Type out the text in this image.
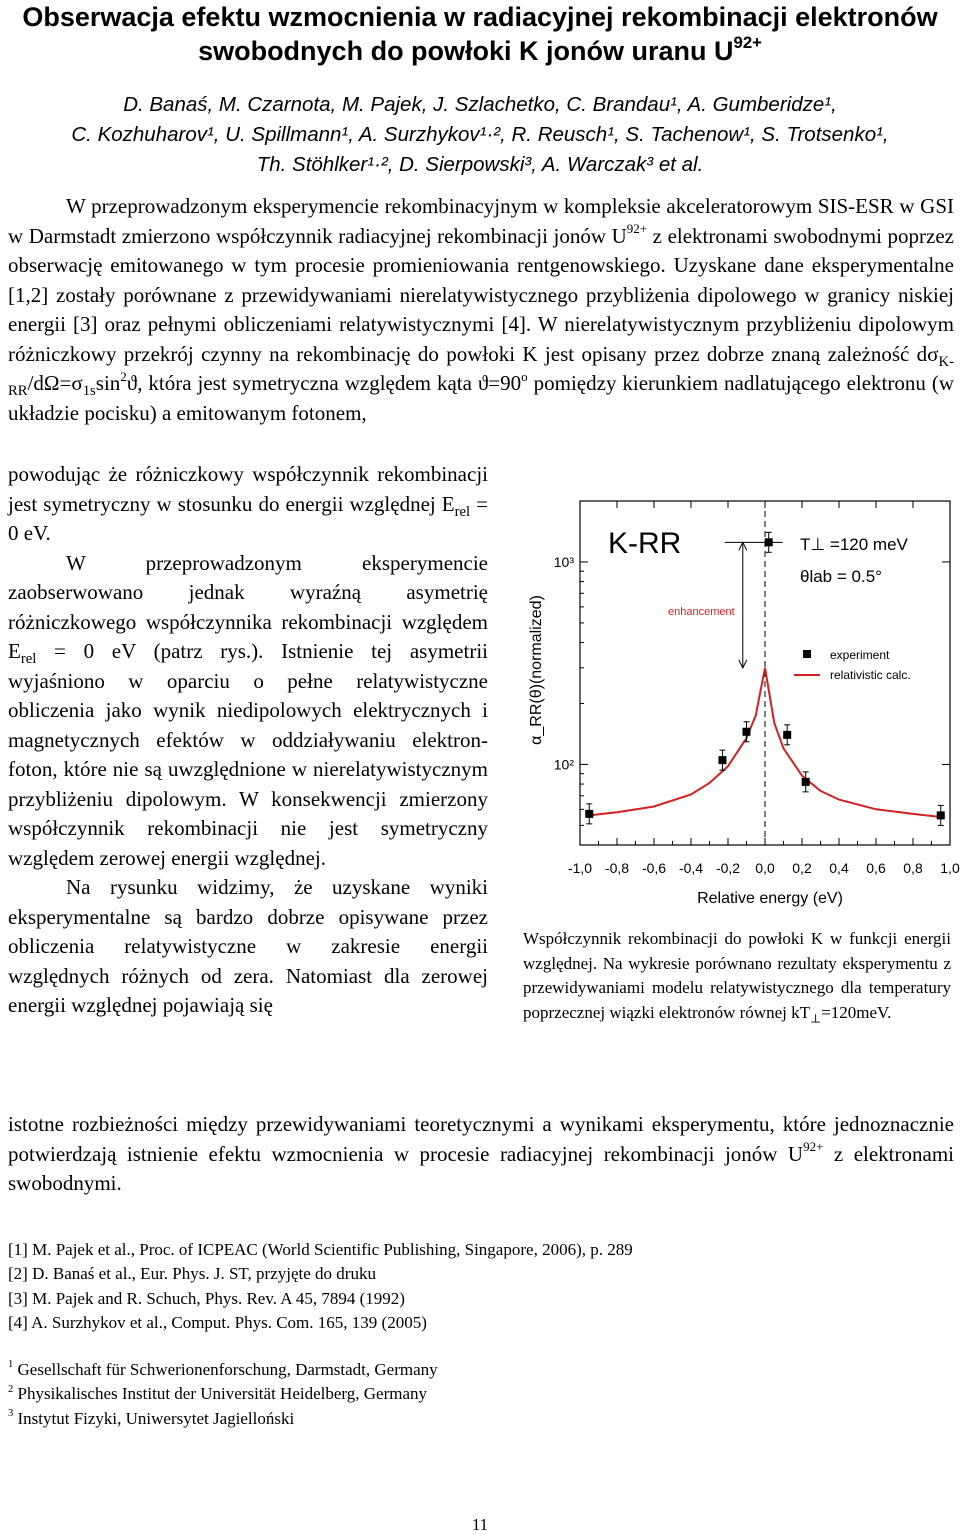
Obserwacja efektu wzmocnienia w radiacyjnej rekombinacji elektronów
swobodnych do powłoki K jonów uranu $U^{92+}$
D. Banaś, M. Czarnota, M. Pajek, J. Szlachetko, C. Brandau¹, A. Gumberidze¹,
C. Kozhuharov¹, U. Spillmann¹, A. Surzhykov¹·², R. Reusch¹, S. Tachenow¹, S. Trotsenko¹,
Th. Stöhlker¹·², D. Sierpowski³, A. Warczak³ et al.
W przeprowadzonym eksperymencie rekombinacyjnym w kompleksie akceleratorowym SIS-ESR w GSI w Darmstadt zmierzono współczynnik radiacyjnej rekombinacji jonów $U^{92+}$ z elektronami swobodnymi poprzez obserwację emitowanego w tym procesie promieniowania rentgenowskiego. Uzyskane dane eksperymentalne [1,2] zostały porównane z przewidywaniami nierelatywistycznego przybliżenia dipolowego w granicy niskiej energii [3] oraz pełnymi obliczeniami relatywistycznymi [4]. W nierelatywistycznym przybliżeniu dipolowym różniczkowy przekrój czynny na rekombinację do powłoki K jest opisany przez dobrze znaną zależność $d\sigma_{K-RR}/d\Omega=\sigma_{1s}\sin^2ϑ$, która jest symetryczna względem kąta $ϑ=90^o$ pomiędzy kierunkiem nadlatującego elektronu (w układzie pocisku) a emitowanym fotonem,
powodując że różniczkowy współczynnik rekombinacji jest symetryczny w stosunku do energii względnej $E_{rel} = 0$ eV.
W przeprowadzonym eksperymencie zaobserwowano jednak wyraźną asymetrię różniczkowego współczynnika rekombinacji względem $E_{rel} = 0$ eV (patrz rys.). Istnienie tej asymetrii wyjaśniono w oparciu o pełne relatywistyczne obliczenia jako wynik niedipolowych elektrycznych i magnetycznych efektów w oddziaływaniu elektron-foton, które nie są uwzględnione w nierelatywistycznym przybliżeniu dipolowym. W konsekwencji zmierzony współczynnik rekombinacji nie jest symetryczny względem zerowej energii względnej.
Na rysunku widzimy, że uzyskane wyniki eksperymentalne są bardzo dobrze opisywane przez obliczenia relatywistyczne w zakresie energii względnych różnych od zera. Natomiast dla zerowej energii względnej pojawiają się
-1,0 -0,8 -0,6 -0,4 -0,2 0,0 0,2 0,4 0,6 0,8 1,0
10²
10³
K-RR	T⊥ =120 meV
θlab = 0.5°
enhancement
Relative energy (eV)
α_RR(θ)(normalized)	experiment
relativistic calc.
Współczynnik rekombinacji do powłoki K w funkcji energii względnej. Na wykresie porównano rezultaty eksperymentu z przewidywaniami modelu relatywistycznego dla temperatury poprzecznej wiązki elektronów równej $kT_\perp=120meV$.
istotne rozbieżności między przewidywaniami teoretycznymi a wynikami eksperymentu, które jednoznacznie potwierdzają istnienie efektu wzmocnienia w procesie radiacyjnej rekombinacji jonów $U^{92+}$ z elektronami swobodnymi.
[1] M. Pajek et al., Proc. of ICPEAC (World Scientific Publishing, Singapore, 2006), p. 289
[2] D. Banaś et al., Eur. Phys. J. ST, przyjęte do druku
[3] M. Pajek and R. Schuch, Phys. Rev. A 45, 7894 (1992)
[4] A. Surzhykov et al., Comput. Phys. Com. 165, 139 (2005)
$^1$ Gesellschaft für Schwerionenforschung, Darmstadt, Germany
$^2$ Physikalisches Institut der Universität Heidelberg, Germany
$^3$ Instytut Fizyki, Uniwersytet Jagielloński
11
